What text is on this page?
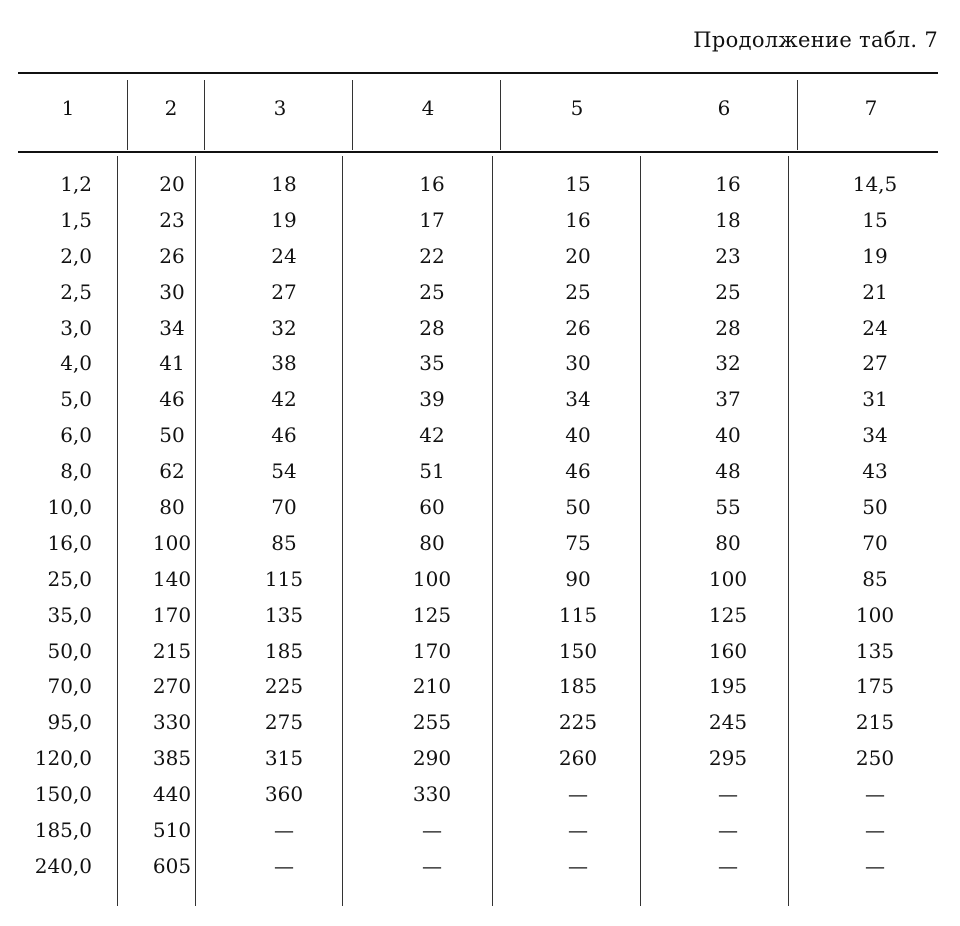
Продолжение табл. 7
1	2	3	4	5	6	7
1,2	20	18	16	15	16	14,5
1,5	23	19	17	16	18	15
2,0	26	24	22	20	23	19
2,5	30	27	25	25	25	21
3,0	34	32	28	26	28	24
4,0	41	38	35	30	32	27
5,0	46	42	39	34	37	31
6,0	50	46	42	40	40	34
8,0	62	54	51	46	48	43
10,0	80	70	60	50	55	50
16,0	100	85	80	75	80	70
25,0	140	115	100	90	100	85
35,0	170	135	125	115	125	100
50,0	215	185	170	150	160	135
70,0	270	225	210	185	195	175
95,0	330	275	255	225	245	215
120,0	385	315	290	260	295	250
150,0	440	360	330	—	—	—
185,0	510	—	—	—	—	—
240,0	605	—	—	—	—	—
